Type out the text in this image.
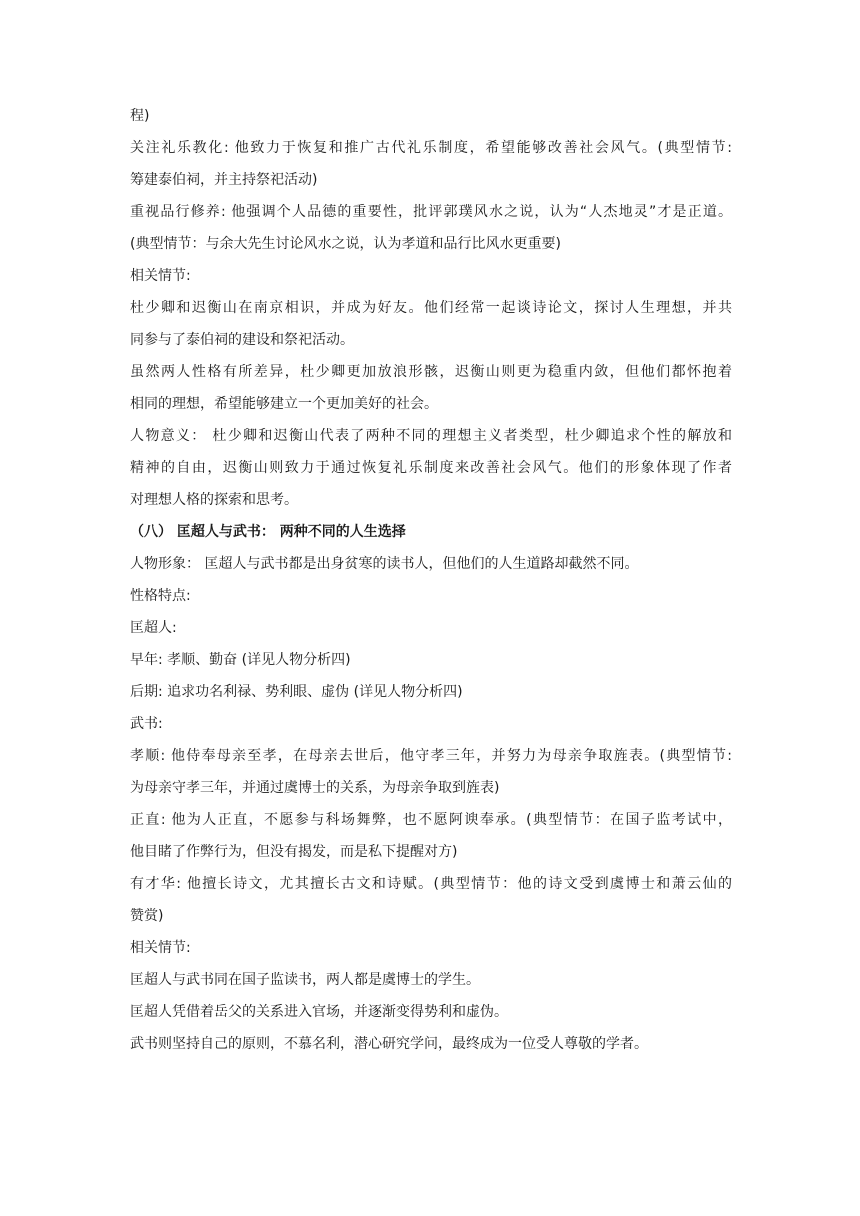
程)
关注礼乐教化: 他致力于恢复和推广古代礼乐制度，希望能够改善社会风气。(典型情节:
筹建泰伯祠，并主持祭祀活动)
重视品行修养: 他强调个人品德的重要性，批评郭璞风水之说，认为“人杰地灵”才是正道。
(典型情节：与余大先生讨论风水之说，认为孝道和品行比风水更重要)
相关情节:
杜少卿和迟衡山在南京相识，并成为好友。他们经常一起谈诗论文，探讨人生理想，并共
同参与了泰伯祠的建设和祭祀活动。
虽然两人性格有所差异，杜少卿更加放浪形骸，迟衡山则更为稳重内敛，但他们都怀抱着
相同的理想，希望能够建立一个更加美好的社会。
人物意义： 杜少卿和迟衡山代表了两种不同的理想主义者类型，杜少卿追求个性的解放和
精神的自由，迟衡山则致力于通过恢复礼乐制度来改善社会风气。他们的形象体现了作者
对理想人格的探索和思考。
（八） 匡超人与武书： 两种不同的人生选择
人物形象： 匡超人与武书都是出身贫寒的读书人，但他们的人生道路却截然不同。
性格特点:
匡超人:
早年: 孝顺、勤奋 (详见人物分析四)
后期: 追求功名利禄、势利眼、虚伪 (详见人物分析四)
武书:
孝顺: 他侍奉母亲至孝，在母亲去世后，他守孝三年，并努力为母亲争取旌表。(典型情节:
为母亲守孝三年，并通过虞博士的关系，为母亲争取到旌表)
正直: 他为人正直，不愿参与科场舞弊，也不愿阿谀奉承。(典型情节：在国子监考试中，
他目睹了作弊行为，但没有揭发，而是私下提醒对方)
有才华: 他擅长诗文，尤其擅长古文和诗赋。(典型情节：他的诗文受到虞博士和萧云仙的
赞赏)
相关情节:
匡超人与武书同在国子监读书，两人都是虞博士的学生。
匡超人凭借着岳父的关系进入官场，并逐渐变得势利和虚伪。
武书则坚持自己的原则，不慕名利，潜心研究学问，最终成为一位受人尊敬的学者。
